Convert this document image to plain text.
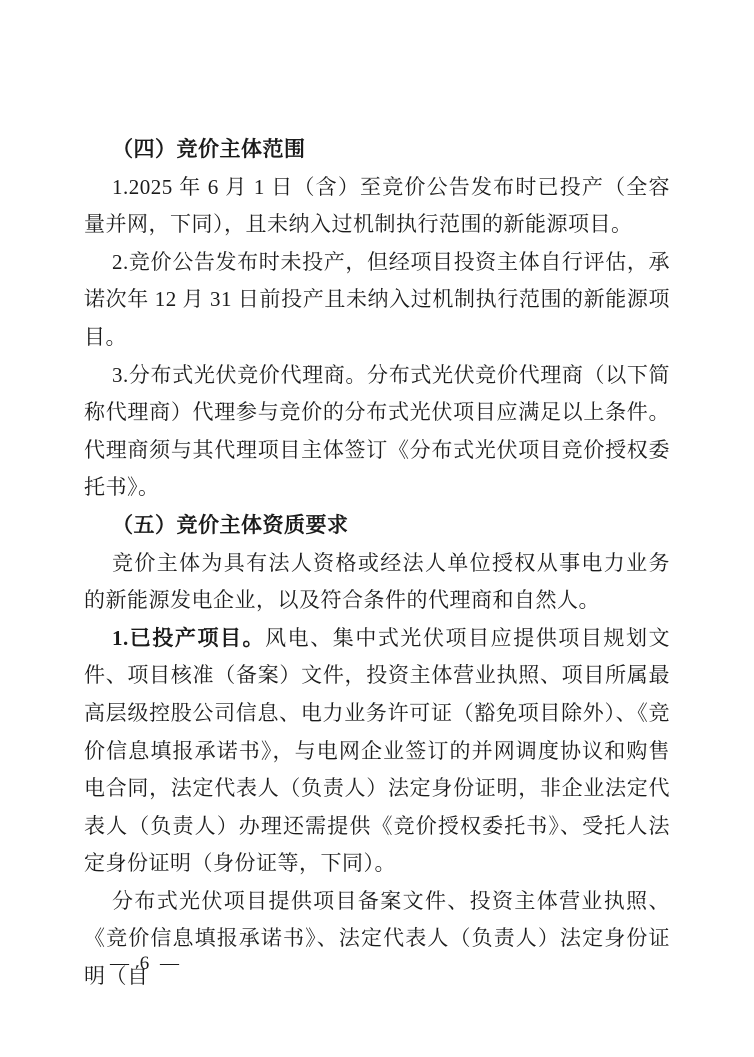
（四）竞价主体范围

1.2025 年 6 月 1 日（含）至竞价公告发布时已投产（全容量并网，下同），且未纳入过机制执行范围的新能源项目。

2.竞价公告发布时未投产，但经项目投资主体自行评估，承诺次年 12 月 31 日前投产且未纳入过机制执行范围的新能源项目。

3.分布式光伏竞价代理商。分布式光伏竞价代理商（以下简称代理商）代理参与竞价的分布式光伏项目应满足以上条件。代理商须与其代理项目主体签订《分布式光伏项目竞价授权委托书》。

（五）竞价主体资质要求

竞价主体为具有法人资格或经法人单位授权从事电力业务的新能源发电企业，以及符合条件的代理商和自然人。

1.已投产项目。风电、集中式光伏项目应提供项目规划文件、项目核准（备案）文件，投资主体营业执照、项目所属最高层级控股公司信息、电力业务许可证（豁免项目除外）、《竞价信息填报承诺书》，与电网企业签订的并网调度协议和购售电合同，法定代表人（负责人）法定身份证明，非企业法定代表人（负责人）办理还需提供《竞价授权委托书》、受托人法定身份证明（身份证等，下同）。

分布式光伏项目提供项目备案文件、投资主体营业执照、《竞价信息填报承诺书》、法定代表人（负责人）法定身份证明（自

— 6 —
